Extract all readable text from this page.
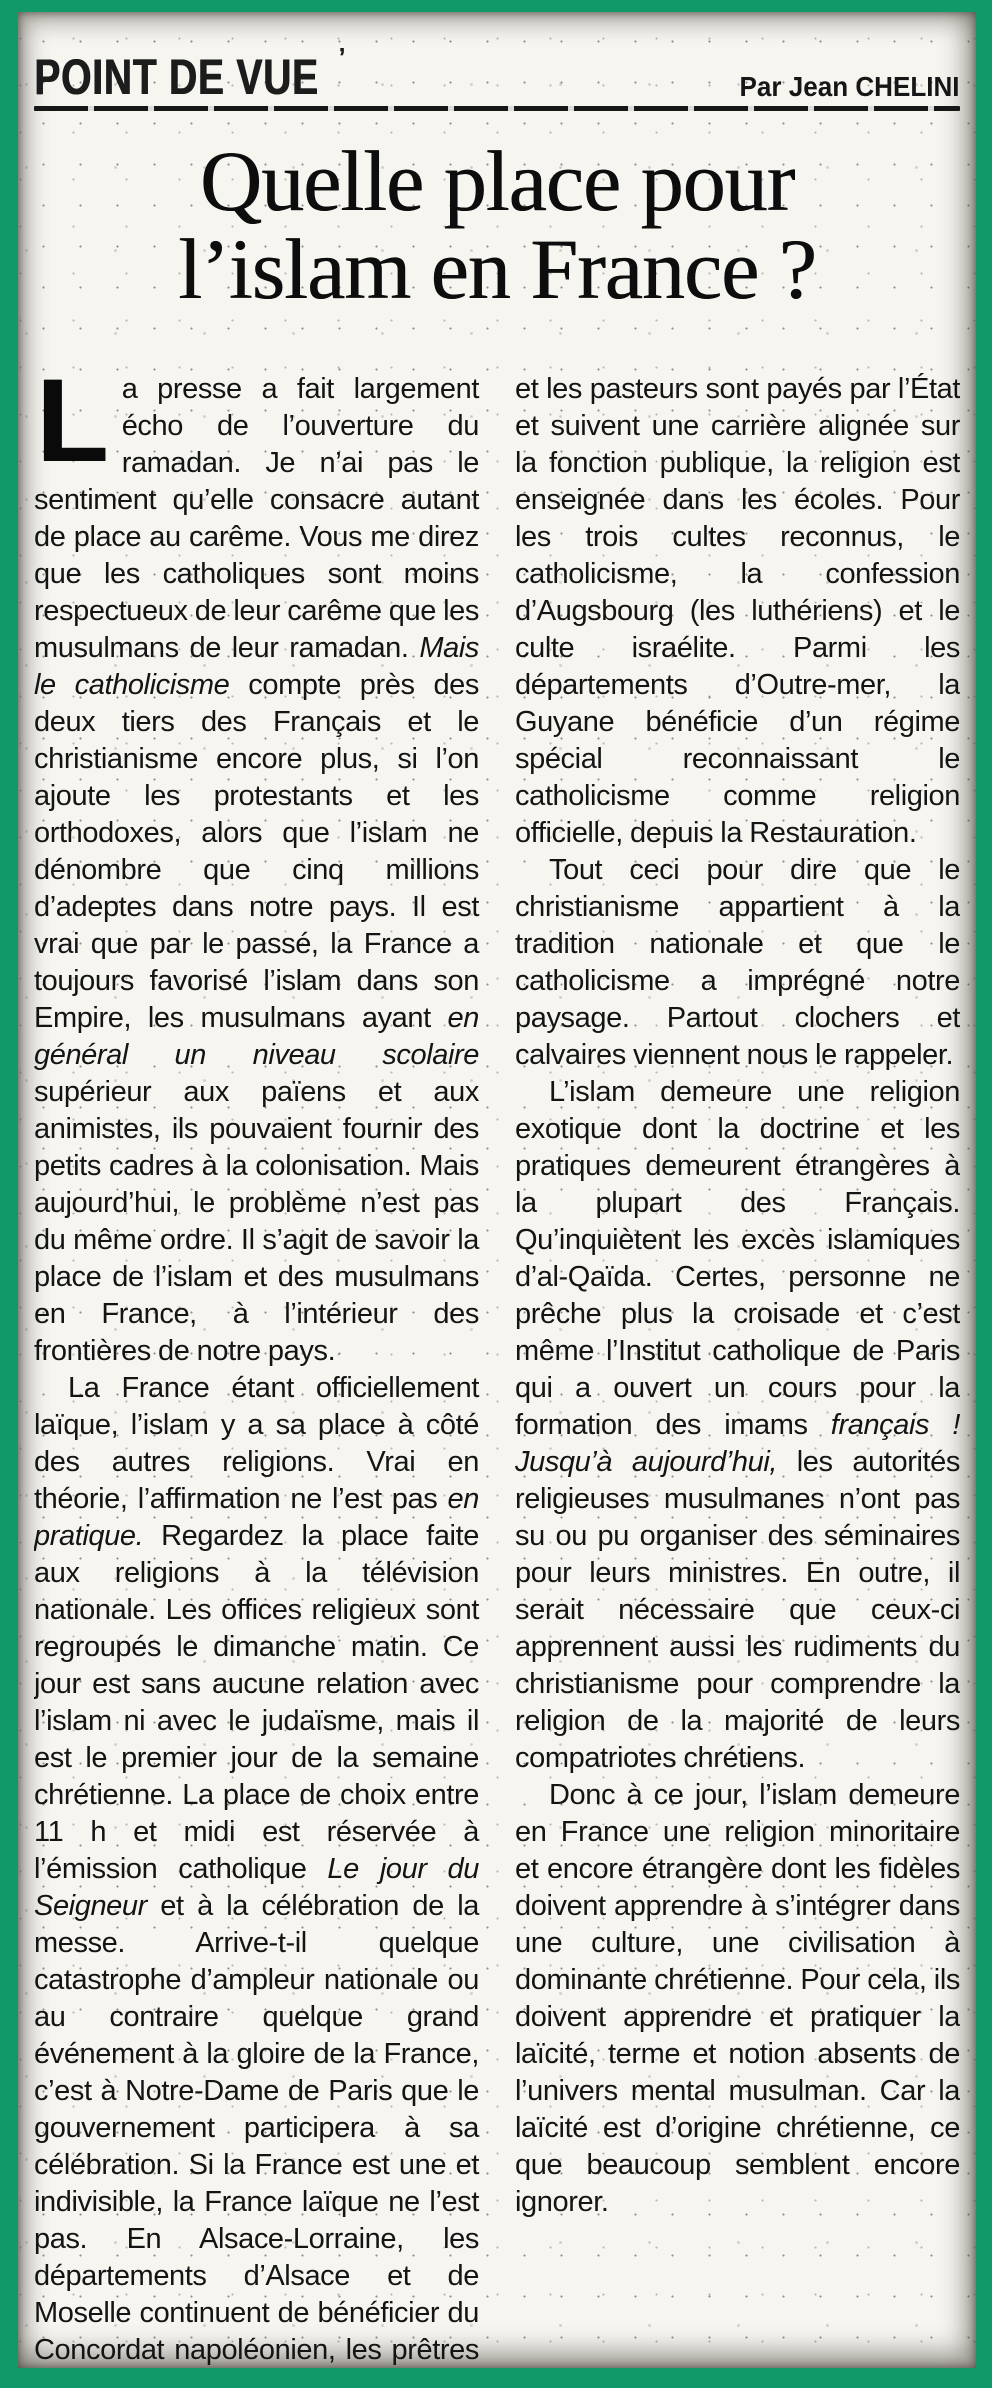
POINT DE VUE ’
Par Jean CHELINI
Quelle place pour
l’islam en France ?

La presse a fait largement écho de l’ouverture du ramadan. Je n’ai pas le sentiment qu’elle consacre autant de place au carême. Vous me direz que les catholiques sont moins respectueux de leur carême que les musulmans de leur ramadan. Mais le catholicisme compte près des deux tiers des Français et le christianisme encore plus, si l’on ajoute les protestants et les orthodoxes, alors que l’islam ne dénombre que cinq millions d’adeptes dans notre pays. Il est vrai que par le passé, la France a toujours favorisé l’islam dans son Empire, les musulmans ayant en général un niveau scolaire supérieur aux païens et aux animistes, ils pouvaient fournir des petits cadres à la colonisation. Mais aujourd’hui, le problème n’est pas du même ordre. Il s’agit de savoir la place de l’islam et des musulmans en France, à l’intérieur des frontières de notre pays.

La France étant officiellement laïque, l’islam y a sa place à côté des autres religions. Vrai en théorie, l’affirmation ne l’est pas en pratique. Regardez la place faite aux religions à la télévision nationale. Les offices religieux sont regroupés le dimanche matin. Ce jour est sans aucune relation avec l’islam ni avec le judaïsme, mais il est le premier jour de la semaine chrétienne. La place de choix entre 11 h et midi est réservée à l’émission catholique Le jour du Seigneur et à la célébration de la messe. Arrive-t-il quelque catastrophe d’ampleur nationale ou au contraire quelque grand événement à la gloire de la France, c’est à Notre-Dame de Paris que le gouvernement participera à sa célébration. Si la France est une et indivisible, la France laïque ne l’est pas. En Alsace-Lorraine, les départements d’Alsace et de Moselle continuent de bénéficier du Concordat napoléonien, les prêtres et les pasteurs sont payés par l’État et suivent une carrière alignée sur la fonction publique, la religion est enseignée dans les écoles. Pour les trois cultes reconnus, le catholicisme, la confession d’Augsbourg (les luthériens) et le culte israélite. Parmi les départements d’Outre-mer, la Guyane bénéficie d’un régime spécial reconnaissant le catholicisme comme religion officielle, depuis la Restauration.

Tout ceci pour dire que le christianisme appartient à la tradition nationale et que le catholicisme a imprégné notre paysage. Partout clochers et calvaires viennent nous le rappeler.

L’islam demeure une religion exotique dont la doctrine et les pratiques demeurent étrangères à la plupart des Français. Qu’inquiètent les excès islamiques d’al-Qaïda. Certes, personne ne prêche plus la croisade et c’est même l’Institut catholique de Paris qui a ouvert un cours pour la formation des imams français ! Jusqu’à aujourd’hui, les autorités religieuses musulmanes n’ont pas su ou pu organiser des séminaires pour leurs ministres. En outre, il serait nécessaire que ceux-ci apprennent aussi les rudiments du christianisme pour comprendre la religion de la majorité de leurs compatriotes chrétiens.

Donc à ce jour, l’islam demeure en France une religion minoritaire et encore étrangère dont les fidèles doivent apprendre à s’intégrer dans une culture, une civilisation à dominante chrétienne. Pour cela, ils doivent apprendre et pratiquer la laïcité, terme et notion absents de l’univers mental musulman. Car la laïcité est d’origine chrétienne, ce que beaucoup semblent encore ignorer.
